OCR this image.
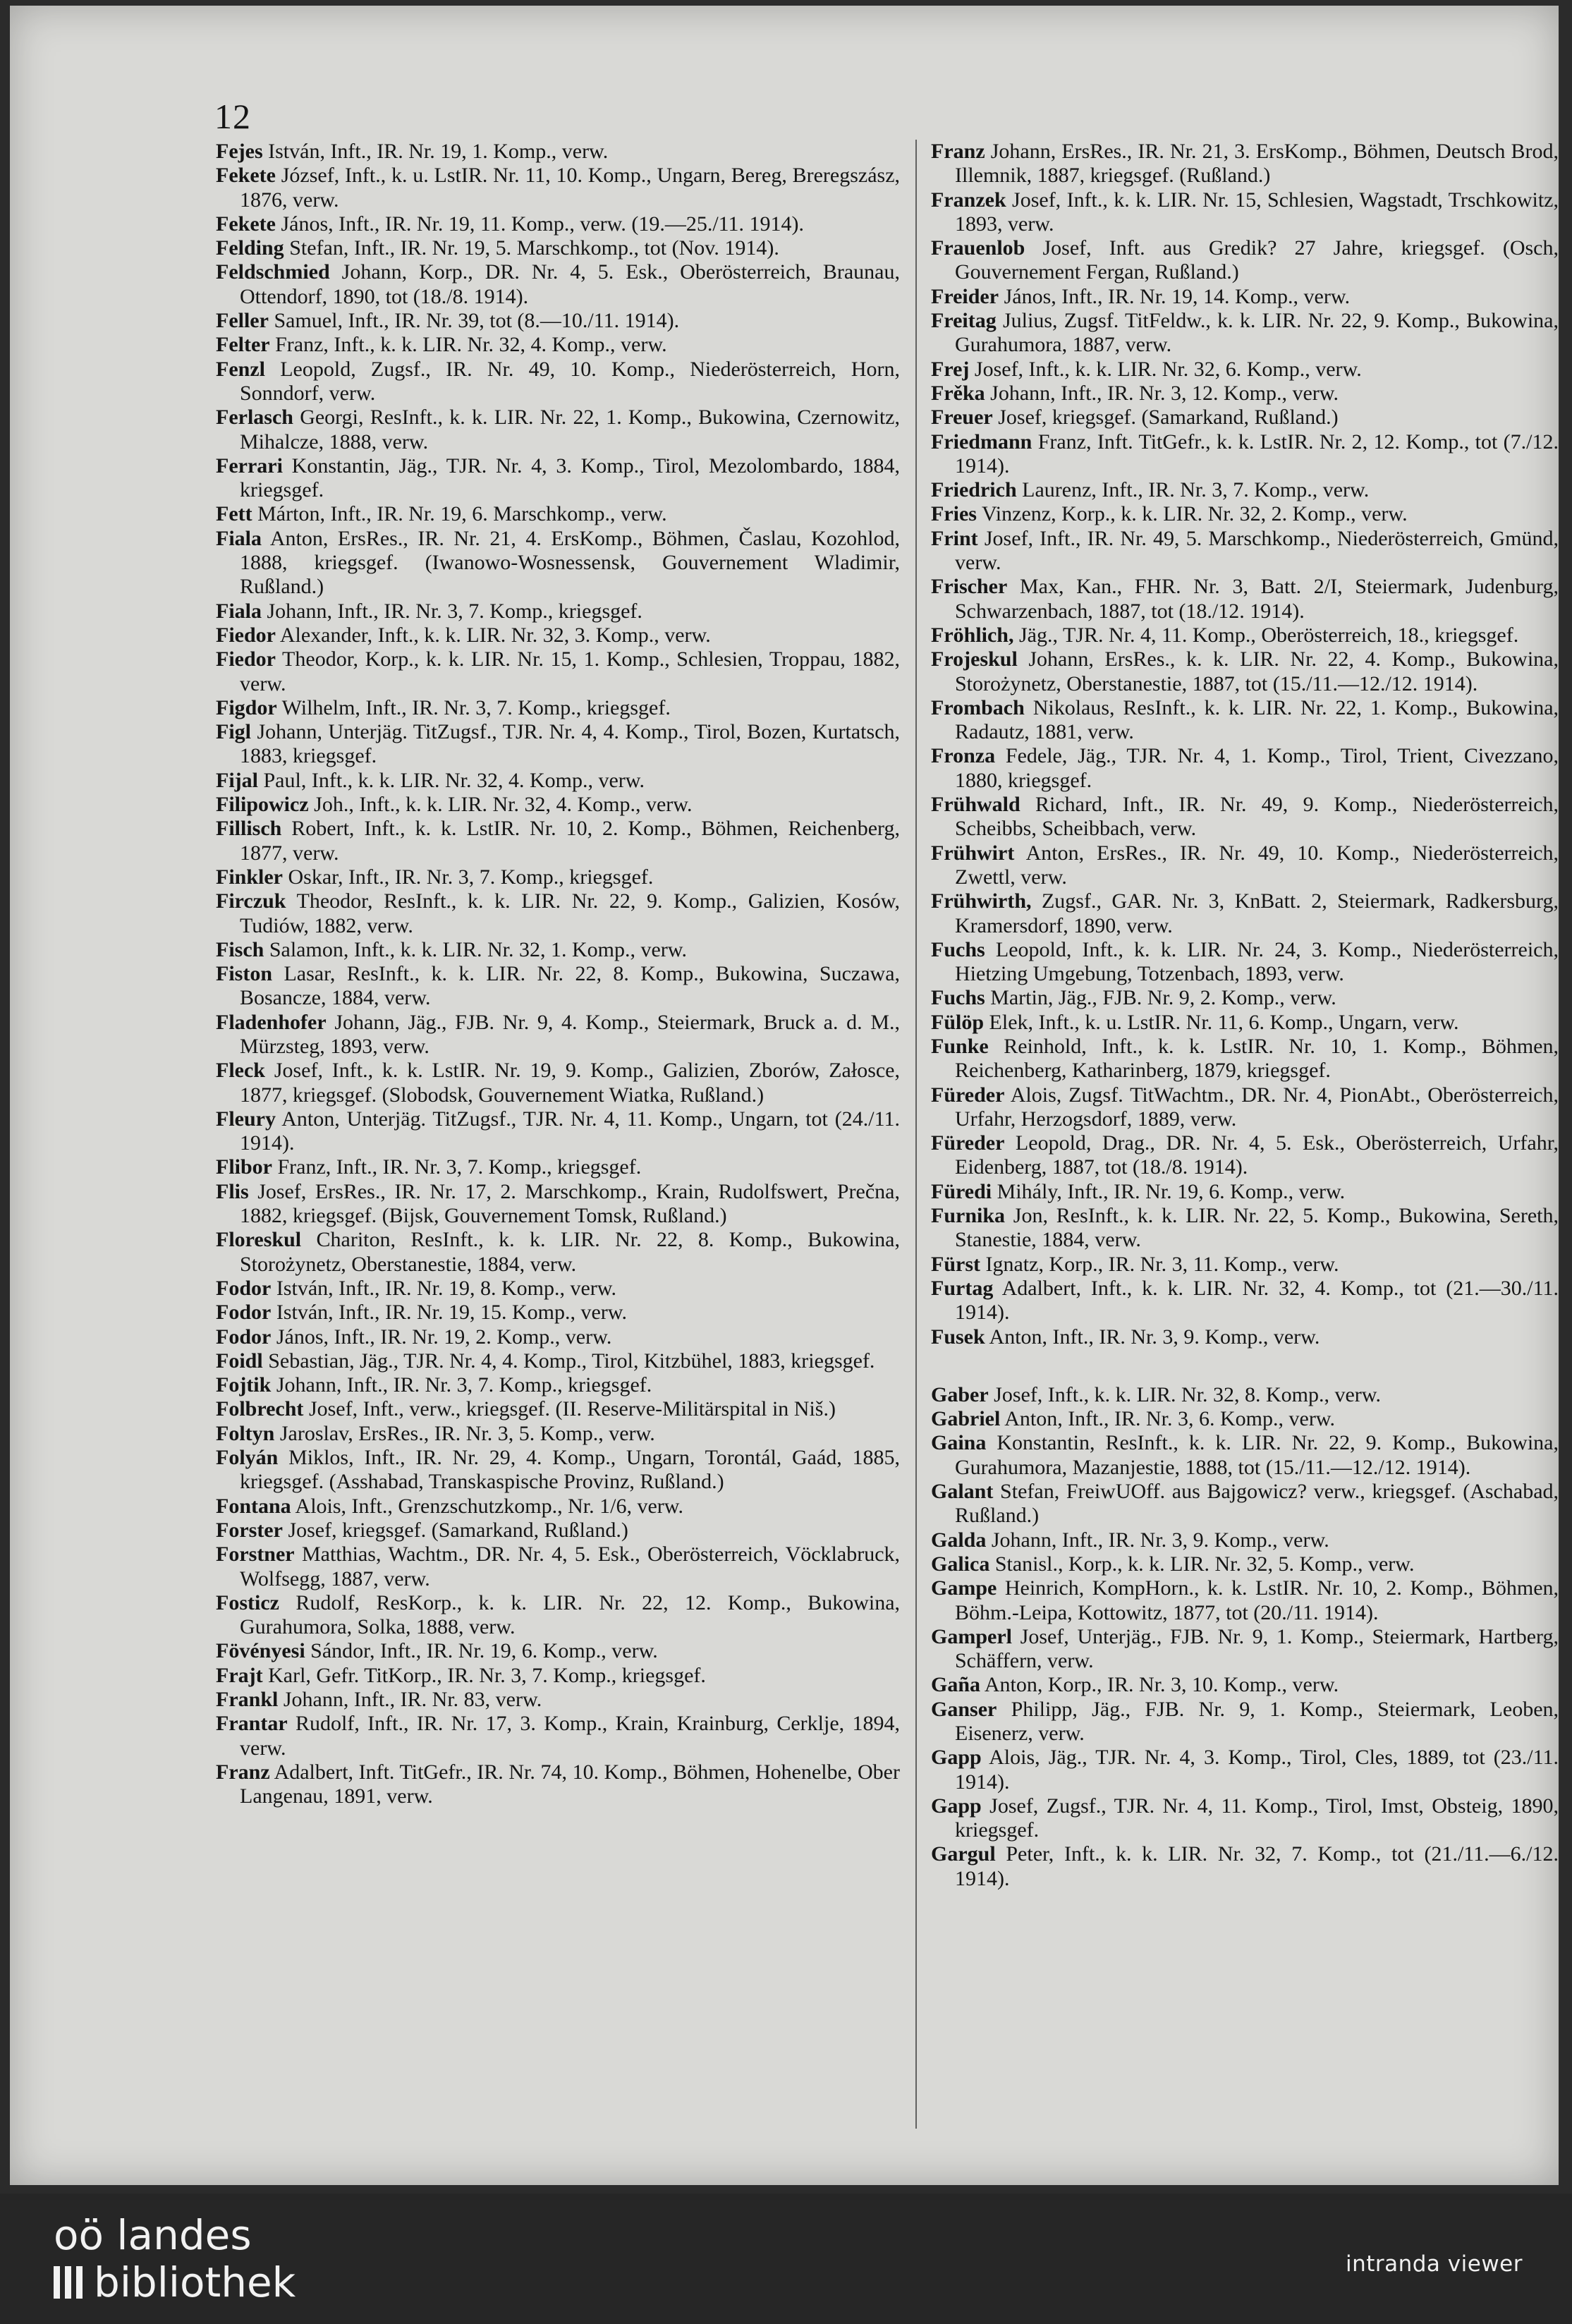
12

Fejes István, Inft., IR. Nr. 19, 1. Komp., verw.

Fekete József, Inft., k. u. LstIR. Nr. 11, 10. Komp., Ungarn, Bereg, Breregszász, 1876, verw.

Fekete János, Inft., IR. Nr. 19, 11. Komp., verw. (19.—25./11. 1914).

Felding Stefan, Inft., IR. Nr. 19, 5. Marschkomp., tot (Nov. 1914).

Feldschmied Johann, Korp., DR. Nr. 4, 5. Esk., Oberösterreich, Braunau, Ottendorf, 1890, tot (18./8. 1914).

Feller Samuel, Inft., IR. Nr. 39, tot (8.—10./11. 1914).

Felter Franz, Inft., k. k. LIR. Nr. 32, 4. Komp., verw.

Fenzl Leopold, Zugsf., IR. Nr. 49, 10. Komp., Niederösterreich, Horn, Sonndorf, verw.

Ferlasch Georgi, ResInft., k. k. LIR. Nr. 22, 1. Komp., Bukowina, Czernowitz, Mihalcze, 1888, verw.

Ferrari Konstantin, Jäg., TJR. Nr. 4, 3. Komp., Tirol, Mezolombardo, 1884, kriegsgef.

Fett Márton, Inft., IR. Nr. 19, 6. Marschkomp., verw.

Fiala Anton, ErsRes., IR. Nr. 21, 4. ErsKomp., Böhmen, Časlau, Kozohlod, 1888, kriegsgef. (Iwanowo-Wosnessensk, Gouvernement Wladimir, Rußland.)

Fiala Johann, Inft., IR. Nr. 3, 7. Komp., kriegsgef.

Fiedor Alexander, Inft., k. k. LIR. Nr. 32, 3. Komp., verw.

Fiedor Theodor, Korp., k. k. LIR. Nr. 15, 1. Komp., Schlesien, Troppau, 1882, verw.

Figdor Wilhelm, Inft., IR. Nr. 3, 7. Komp., kriegsgef.

Figl Johann, Unterjäg. TitZugsf., TJR. Nr. 4, 4. Komp., Tirol, Bozen, Kurtatsch, 1883, kriegsgef.

Fijal Paul, Inft., k. k. LIR. Nr. 32, 4. Komp., verw.

Filipowicz Joh., Inft., k. k. LIR. Nr. 32, 4. Komp., verw.

Fillisch Robert, Inft., k. k. LstIR. Nr. 10, 2. Komp., Böhmen, Reichenberg, 1877, verw.

Finkler Oskar, Inft., IR. Nr. 3, 7. Komp., kriegsgef.

Firczuk Theodor, ResInft., k. k. LIR. Nr. 22, 9. Komp., Galizien, Kosów, Tudiów, 1882, verw.

Fisch Salamon, Inft., k. k. LIR. Nr. 32, 1. Komp., verw.

Fiston Lasar, ResInft., k. k. LIR. Nr. 22, 8. Komp., Bukowina, Suczawa, Bosancze, 1884, verw.

Fladenhofer Johann, Jäg., FJB. Nr. 9, 4. Komp., Steiermark, Bruck a. d. M., Mürzsteg, 1893, verw.

Fleck Josef, Inft., k. k. LstIR. Nr. 19, 9. Komp., Galizien, Zborów, Załosce, 1877, kriegsgef. (Slobodsk, Gouvernement Wiatka, Rußland.)

Fleury Anton, Unterjäg. TitZugsf., TJR. Nr. 4, 11. Komp., Ungarn, tot (24./11. 1914).

Flibor Franz, Inft., IR. Nr. 3, 7. Komp., kriegsgef.

Flis Josef, ErsRes., IR. Nr. 17, 2. Marschkomp., Krain, Rudolfswert, Prečna, 1882, kriegsgef. (Bijsk, Gouvernement Tomsk, Rußland.)

Floreskul Chariton, ResInft., k. k. LIR. Nr. 22, 8. Komp., Bukowina, Storożynetz, Oberstanestie, 1884, verw.

Fodor István, Inft., IR. Nr. 19, 8. Komp., verw.

Fodor István, Inft., IR. Nr. 19, 15. Komp., verw.

Fodor János, Inft., IR. Nr. 19, 2. Komp., verw.

Foidl Sebastian, Jäg., TJR. Nr. 4, 4. Komp., Tirol, Kitzbühel, 1883, kriegsgef.

Fojtik Johann, Inft., IR. Nr. 3, 7. Komp., kriegsgef.

Folbrecht Josef, Inft., verw., kriegsgef. (II. Reserve-Militärspital in Niš.)

Foltyn Jaroslav, ErsRes., IR. Nr. 3, 5. Komp., verw.

Folyán Miklos, Inft., IR. Nr. 29, 4. Komp., Ungarn, Torontál, Gaád, 1885, kriegsgef. (Asshabad, Transkaspische Provinz, Rußland.)

Fontana Alois, Inft., Grenzschutzkomp., Nr. 1/6, verw.

Forster Josef, kriegsgef. (Samarkand, Rußland.)

Forstner Matthias, Wachtm., DR. Nr. 4, 5. Esk., Oberösterreich, Vöcklabruck, Wolfsegg, 1887, verw.

Fosticz Rudolf, ResKorp., k. k. LIR. Nr. 22, 12. Komp., Bukowina, Gurahumora, Solka, 1888, verw.

Fövényesi Sándor, Inft., IR. Nr. 19, 6. Komp., verw.

Frajt Karl, Gefr. TitKorp., IR. Nr. 3, 7. Komp., kriegsgef.

Frankl Johann, Inft., IR. Nr. 83, verw.

Frantar Rudolf, Inft., IR. Nr. 17, 3. Komp., Krain, Krainburg, Cerklje, 1894, verw.

Franz Adalbert, Inft. TitGefr., IR. Nr. 74, 10. Komp., Böhmen, Hohenelbe, Ober Langenau, 1891, verw.

Franz Johann, ErsRes., IR. Nr. 21, 3. ErsKomp., Böhmen, Deutsch Brod, Illemnik, 1887, kriegsgef. (Rußland.)

Franzek Josef, Inft., k. k. LIR. Nr. 15, Schlesien, Wagstadt, Trschkowitz, 1893, verw.

Frauenlob Josef, Inft. aus Gredik? 27 Jahre, kriegsgef. (Osch, Gouvernement Fergan, Rußland.)

Freider János, Inft., IR. Nr. 19, 14. Komp., verw.

Freitag Julius, Zugsf. TitFeldw., k. k. LIR. Nr. 22, 9. Komp., Bukowina, Gurahumora, 1887, verw.

Frej Josef, Inft., k. k. LIR. Nr. 32, 6. Komp., verw.

Frěka Johann, Inft., IR. Nr. 3, 12. Komp., verw.

Freuer Josef, kriegsgef. (Samarkand, Rußland.)

Friedmann Franz, Inft. TitGefr., k. k. LstIR. Nr. 2, 12. Komp., tot (7./12. 1914).

Friedrich Laurenz, Inft., IR. Nr. 3, 7. Komp., verw.

Fries Vinzenz, Korp., k. k. LIR. Nr. 32, 2. Komp., verw.

Frint Josef, Inft., IR. Nr. 49, 5. Marschkomp., Niederösterreich, Gmünd, verw.

Frischer Max, Kan., FHR. Nr. 3, Batt. 2/I, Steiermark, Judenburg, Schwarzenbach, 1887, tot (18./12. 1914).

Fröhlich, Jäg., TJR. Nr. 4, 11. Komp., Oberösterreich, 18., kriegsgef.

Frojeskul Johann, ErsRes., k. k. LIR. Nr. 22, 4. Komp., Bukowina, Storożynetz, Oberstanestie, 1887, tot (15./11.—12./12. 1914).

Frombach Nikolaus, ResInft., k. k. LIR. Nr. 22, 1. Komp., Bukowina, Radautz, 1881, verw.

Fronza Fedele, Jäg., TJR. Nr. 4, 1. Komp., Tirol, Trient, Civezzano, 1880, kriegsgef.

Frühwald Richard, Inft., IR. Nr. 49, 9. Komp., Niederösterreich, Scheibbs, Scheibbach, verw.

Frühwirt Anton, ErsRes., IR. Nr. 49, 10. Komp., Niederösterreich, Zwettl, verw.

Frühwirth, Zugsf., GAR. Nr. 3, KnBatt. 2, Steiermark, Radkersburg, Kramersdorf, 1890, verw.

Fuchs Leopold, Inft., k. k. LIR. Nr. 24, 3. Komp., Niederösterreich, Hietzing Umgebung, Totzenbach, 1893, verw.

Fuchs Martin, Jäg., FJB. Nr. 9, 2. Komp., verw.

Fülöp Elek, Inft., k. u. LstIR. Nr. 11, 6. Komp., Ungarn, verw.

Funke Reinhold, Inft., k. k. LstIR. Nr. 10, 1. Komp., Böhmen, Reichenberg, Katharinberg, 1879, kriegsgef.

Füreder Alois, Zugsf. TitWachtm., DR. Nr. 4, PionAbt., Oberösterreich, Urfahr, Herzogsdorf, 1889, verw.

Füreder Leopold, Drag., DR. Nr. 4, 5. Esk., Oberösterreich, Urfahr, Eidenberg, 1887, tot (18./8. 1914).

Füredi Mihály, Inft., IR. Nr. 19, 6. Komp., verw.

Furnika Jon, ResInft., k. k. LIR. Nr. 22, 5. Komp., Bukowina, Sereth, Stanestie, 1884, verw.

Fürst Ignatz, Korp., IR. Nr. 3, 11. Komp., verw.

Furtag Adalbert, Inft., k. k. LIR. Nr. 32, 4. Komp., tot (21.—30./11. 1914).

Fusek Anton, Inft., IR. Nr. 3, 9. Komp., verw.

Gaber Josef, Inft., k. k. LIR. Nr. 32, 8. Komp., verw.

Gabriel Anton, Inft., IR. Nr. 3, 6. Komp., verw.

Gaina Konstantin, ResInft., k. k. LIR. Nr. 22, 9. Komp., Bukowina, Gurahumora, Mazanjestie, 1888, tot (15./11.—12./12. 1914).

Galant Stefan, FreiwUOff. aus Bajgowicz? verw., kriegsgef. (Aschabad, Rußland.)

Galda Johann, Inft., IR. Nr. 3, 9. Komp., verw.

Galica Stanisl., Korp., k. k. LIR. Nr. 32, 5. Komp., verw.

Gampe Heinrich, KompHorn., k. k. LstIR. Nr. 10, 2. Komp., Böhmen, Böhm.-Leipa, Kottowitz, 1877, tot (20./11. 1914).

Gamperl Josef, Unterjäg., FJB. Nr. 9, 1. Komp., Steiermark, Hartberg, Schäffern, verw.

Gaña Anton, Korp., IR. Nr. 3, 10. Komp., verw.

Ganser Philipp, Jäg., FJB. Nr. 9, 1. Komp., Steiermark, Leoben, Eisenerz, verw.

Gapp Alois, Jäg., TJR. Nr. 4, 3. Komp., Tirol, Cles, 1889, tot (23./11. 1914).

Gapp Josef, Zugsf., TJR. Nr. 4, 11. Komp., Tirol, Imst, Obsteig, 1890, kriegsgef.

Gargul Peter, Inft., k. k. LIR. Nr. 32, 7. Komp., tot (21./11.—6./12. 1914).

oö landes
bibliothek	intranda viewer
